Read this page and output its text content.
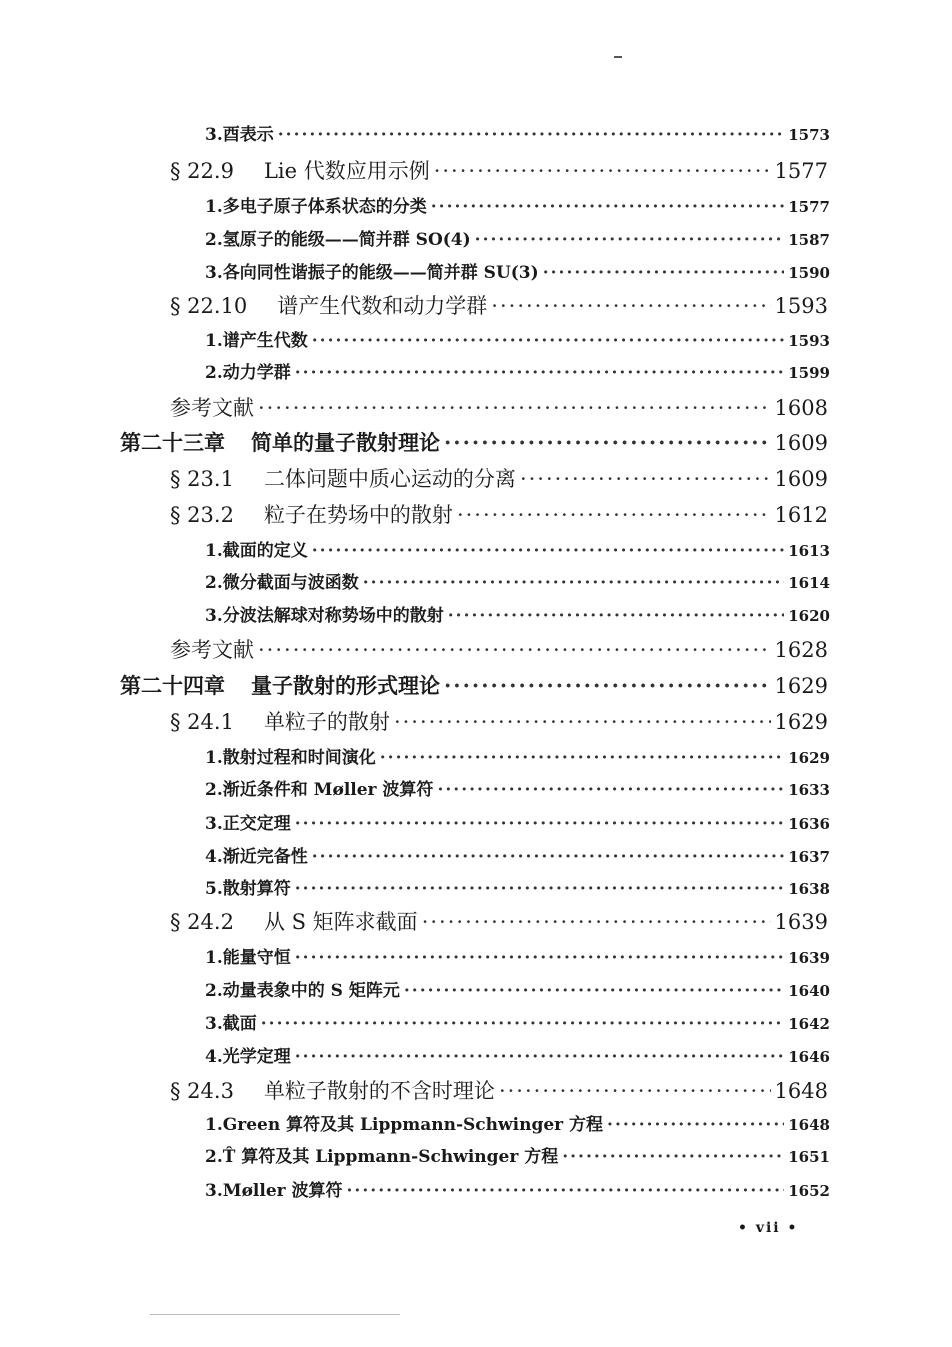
3.酉表示 ·····	1573
§ 22.9 Lie 代数应用示例 ·····	1577
1.多电子原子体系状态的分类 ·····	1577
2.氢原子的能级——简并群 SO(4) ·····	1587
3.各向同性谐振子的能级——简并群 SU(3) ·····	1590
§ 22.10 谱产生代数和动力学群 ·····	1593
1.谱产生代数 ·····	1593
2.动力学群 ·····	1599
参考文献 ·····	1608
第二十三章 简单的量子散射理论 ·····	1609
§ 23.1 二体问题中质心运动的分离 ·····	1609
§ 23.2 粒子在势场中的散射 ·····	1612
1.截面的定义 ·····	1613
2.微分截面与波函数 ·····	1614
3.分波法解球对称势场中的散射 ·····	1620
参考文献 ·····	1628
第二十四章 量子散射的形式理论 ·····	1629
§ 24.1 单粒子的散射 ·····	1629
1.散射过程和时间演化 ·····	1629
2.渐近条件和 Møller 波算符 ·····	1633
3.正交定理 ·····	1636
4.渐近完备性 ·····	1637
5.散射算符 ·····	1638
§ 24.2 从 S 矩阵求截面 ·····	1639
1.能量守恒 ·····	1639
2.动量表象中的 S 矩阵元 ·····	1640
3.截面 ·····	1642
4.光学定理 ·····	1646
§ 24.3 单粒子散射的不含时理论 ·····	1648
1.Green 算符及其 Lippmann-Schwinger 方程 ·····	1648
2.T̂ 算符及其 Lippmann-Schwinger 方程 ·····	1651
3.Møller 波算符 ·····	1652
• vii •
